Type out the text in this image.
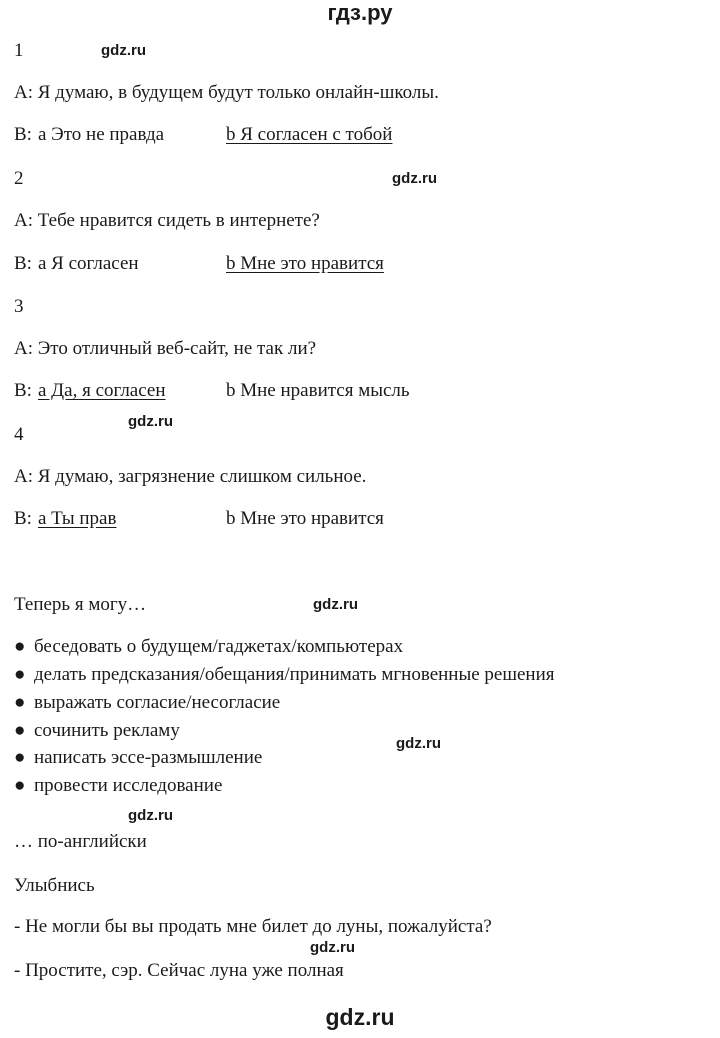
гдз.ру
1	gdz.ru
A: Я думаю, в будущем будут только онлайн-школы.
B: a Это не правда	b Я согласен с тобой
2	gdz.ru
A: Тебе нравится сидеть в интернете?
B: a Я согласен	b Мне это нравится
3
A: Это отличный веб-сайт, не так ли?
B: a Да, я согласен	b Мне нравится мысль
gdz.ru
4
A: Я думаю, загрязнение слишком сильное.
B: a Ты прав	b Мне это нравится
Теперь я могу…	gdz.ru
● беседовать о будущем/гаджетах/компьютерах
● делать предсказания/обещания/принимать мгновенные решения
● выражать согласие/несогласие
● сочинить рекламу
gdz.ru
● написать эссе-размышление
● провести исследование
gdz.ru
… по-английски
Улыбнись
- Не могли бы вы продать мне билет до луны, пожалуйста?
gdz.ru
- Простите, сэр. Сейчас луна уже полная
gdz.ru
